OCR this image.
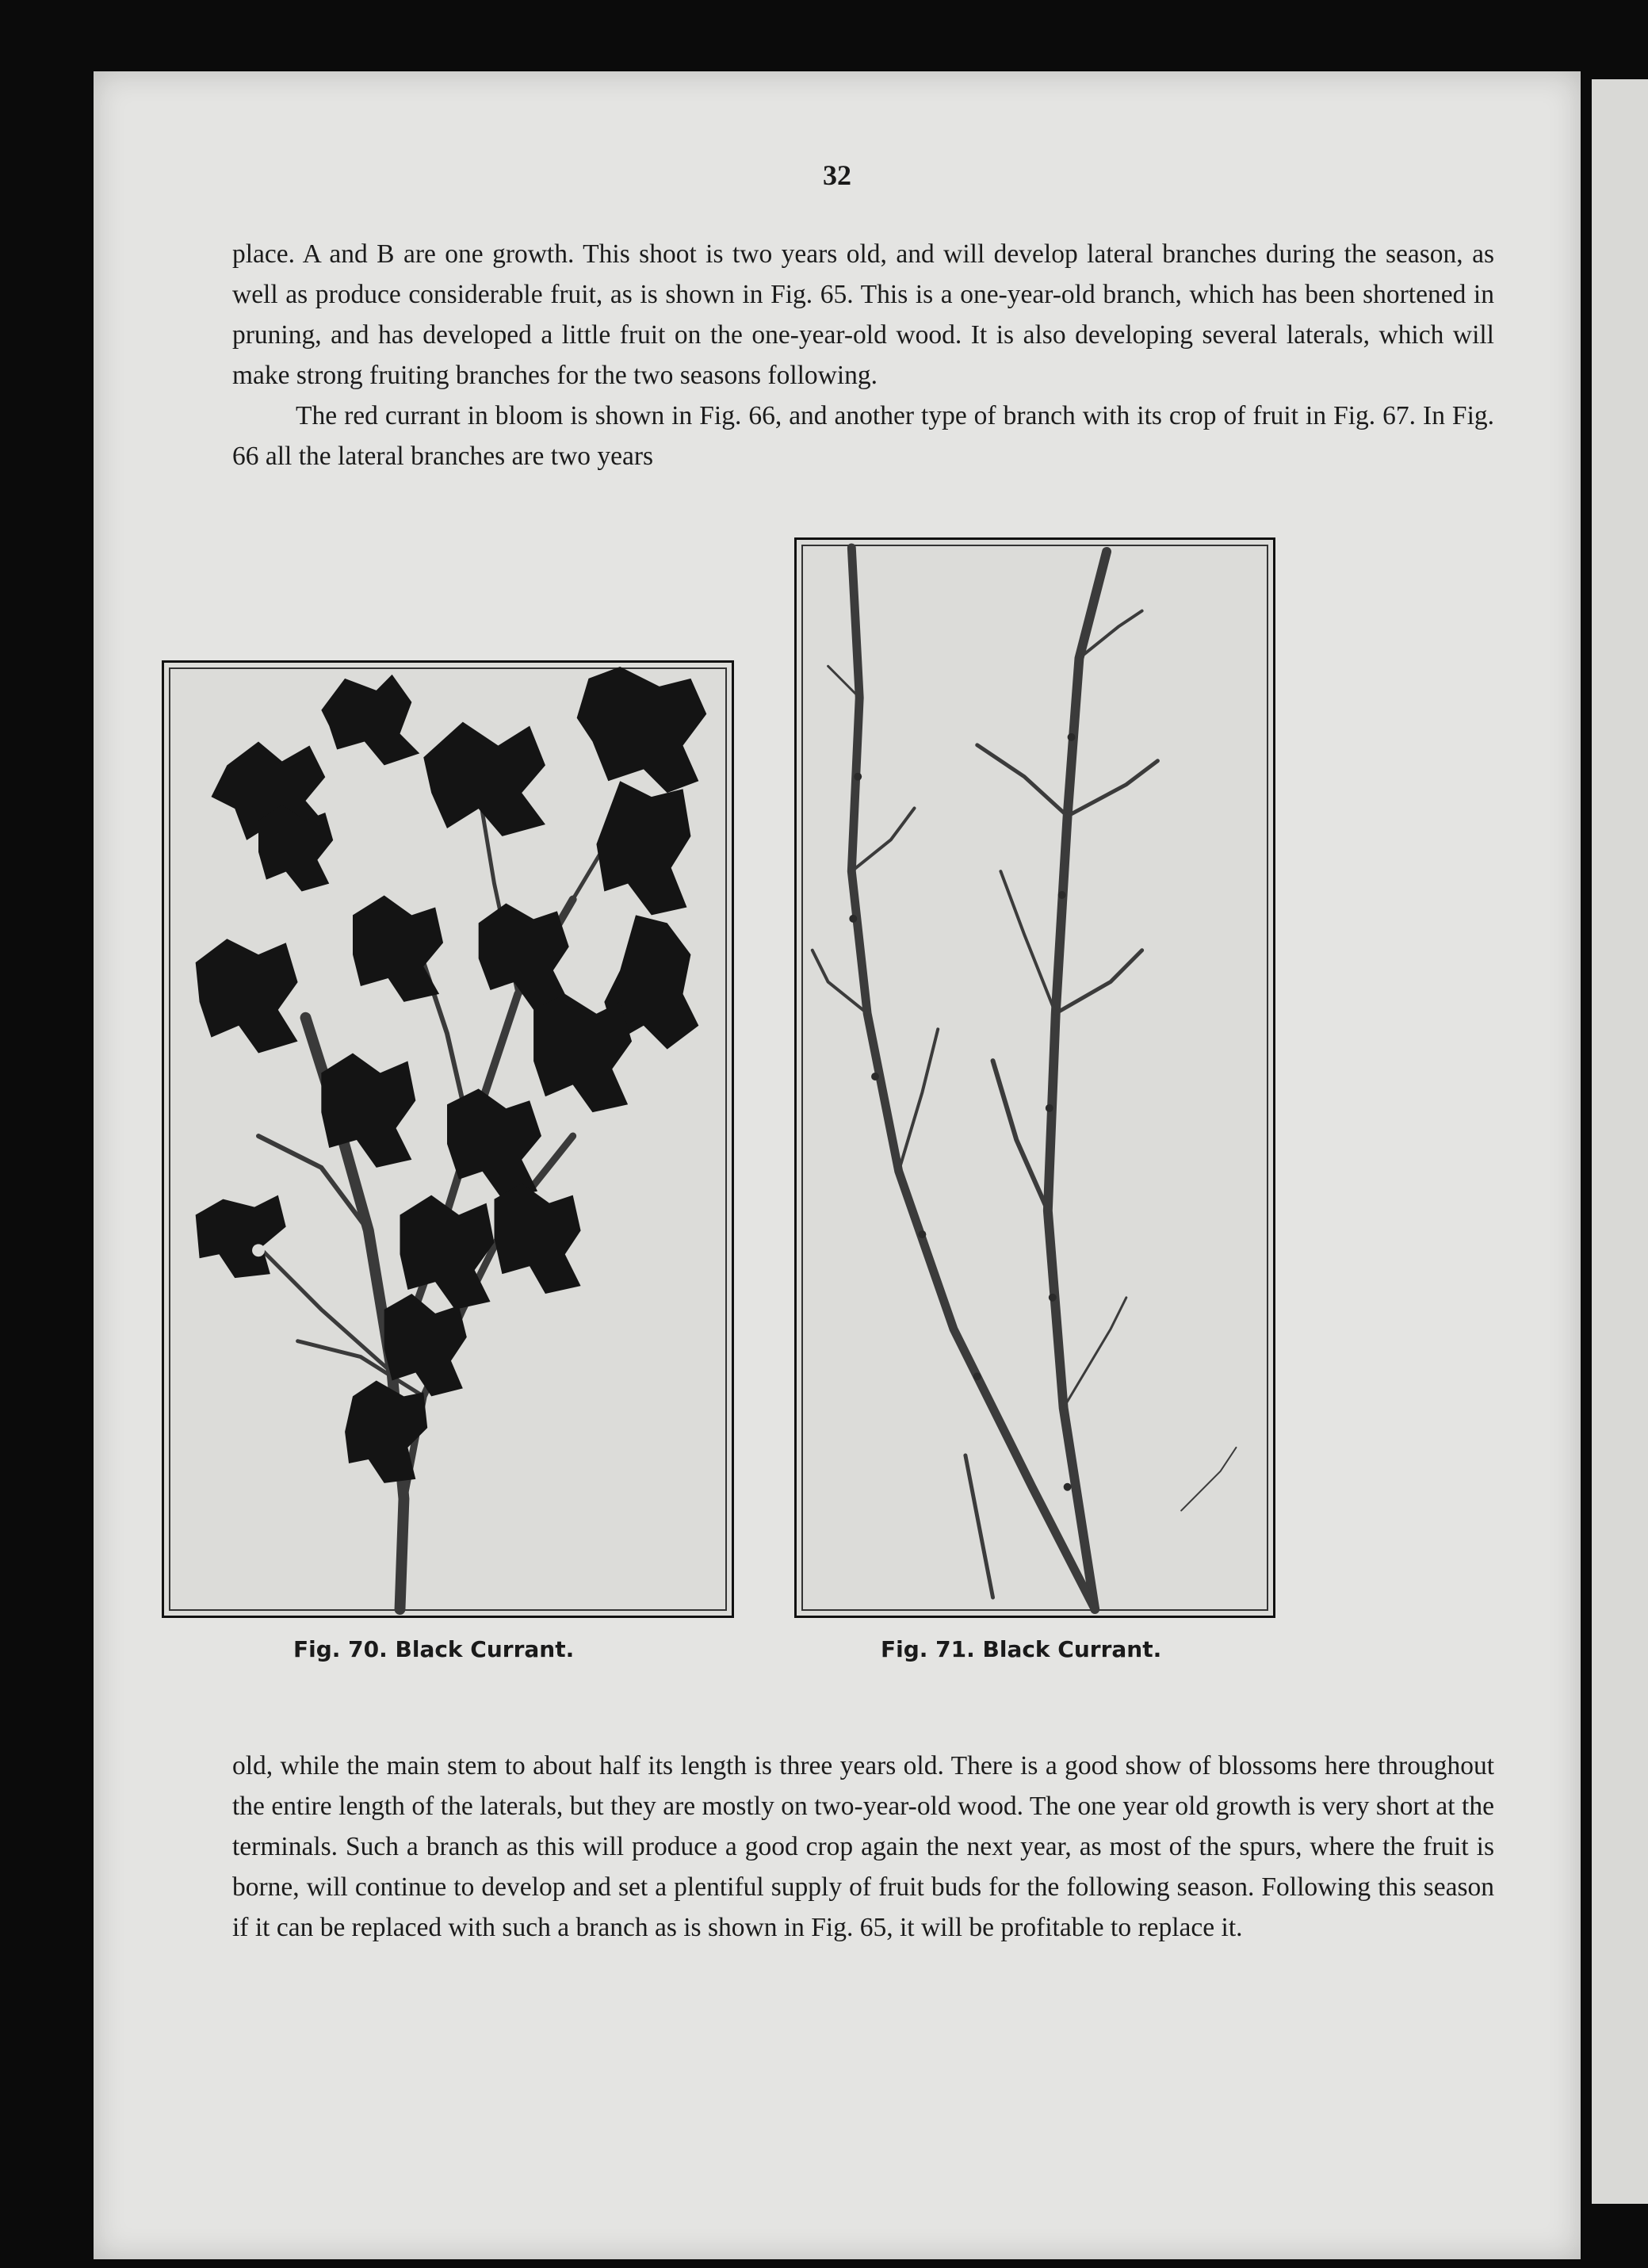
32

place. A and B are one growth. This shoot is two years old, and will develop lateral branches during the season, as well as produce considerable fruit, as is shown in Fig. 65. This is a one-year-old branch, which has been shortened in pruning, and has developed a little fruit on the one-year-old wood. It is also developing several laterals, which will make strong fruiting branches for the two seasons following.

The red currant in bloom is shown in Fig. 66, and another type of branch with its crop of fruit in Fig. 67. In Fig. 66 all the lateral branches are two years

Fig. 70. Black Currant.	Fig. 71. Black Currant.

old, while the main stem to about half its length is three years old. There is a good show of blossoms here throughout the entire length of the laterals, but they are mostly on two-year-old wood. The one year old growth is very short at the terminals. Such a branch as this will produce a good crop again the next year, as most of the spurs, where the fruit is borne, will continue to develop and set a plentiful supply of fruit buds for the following season. Following this season if it can be replaced with such a branch as is shown in Fig. 65, it will be profitable to replace it.
